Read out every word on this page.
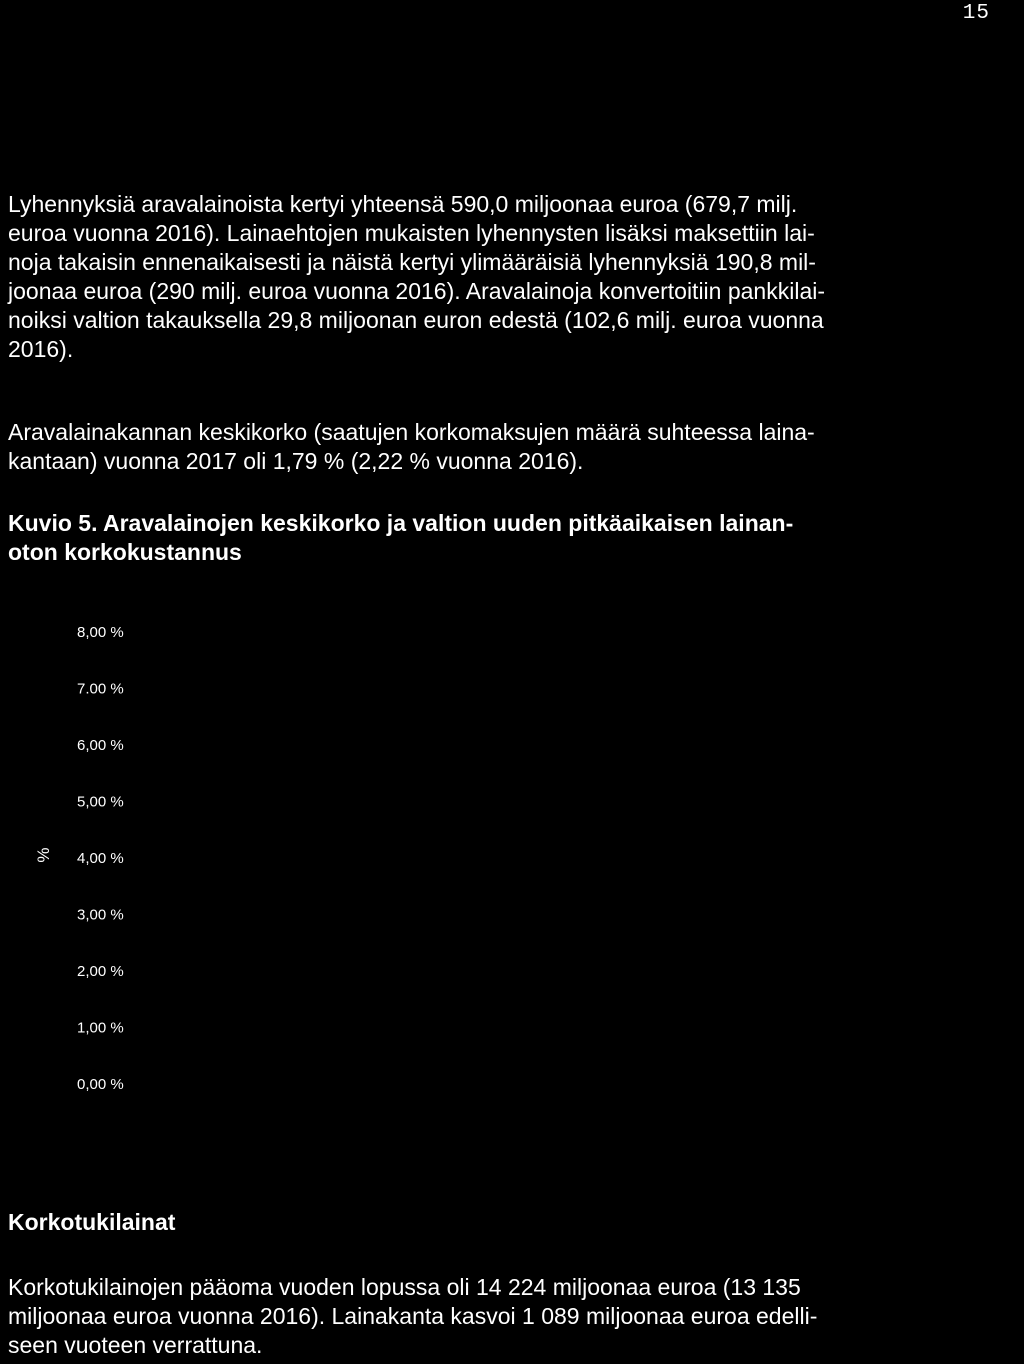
15

Lyhennyksiä aravalainoista kertyi yhteensä 590,0 miljoonaa euroa (679,7 milj.
euroa vuonna 2016). Lainaehtojen mukaisten lyhennysten lisäksi maksettiin lai-
noja takaisin ennenaikaisesti ja näistä kertyi ylimääräisiä lyhennyksiä 190,8 mil-
joonaa euroa (290 milj. euroa vuonna 2016). Aravalainoja konvertoitiin pankkilai-
noiksi valtion takauksella 29,8 miljoonan euron edestä (102,6 milj. euroa vuonna
2016).

Aravalainakannan keskikorko (saatujen korkomaksujen määrä suhteessa laina-
kantaan) vuonna 2017 oli 1,79 % (2,22 % vuonna 2016).

Kuvio 5. Aravalainojen keskikorko ja valtion uuden pitkäaikaisen lainan-
oton korkokustannus

8,00 %
7.00 %
6,00 %
5,00 %
4,00 %
3,00 %
2,00 %
1,00 %
0,00 %
%
Korkotukilainat

Korkotukilainojen pääoma vuoden lopussa oli 14 224 miljoonaa euroa (13 135
miljoonaa euroa vuonna 2016). Lainakanta kasvoi 1 089 miljoonaa euroa edelli-
seen vuoteen verrattuna.
